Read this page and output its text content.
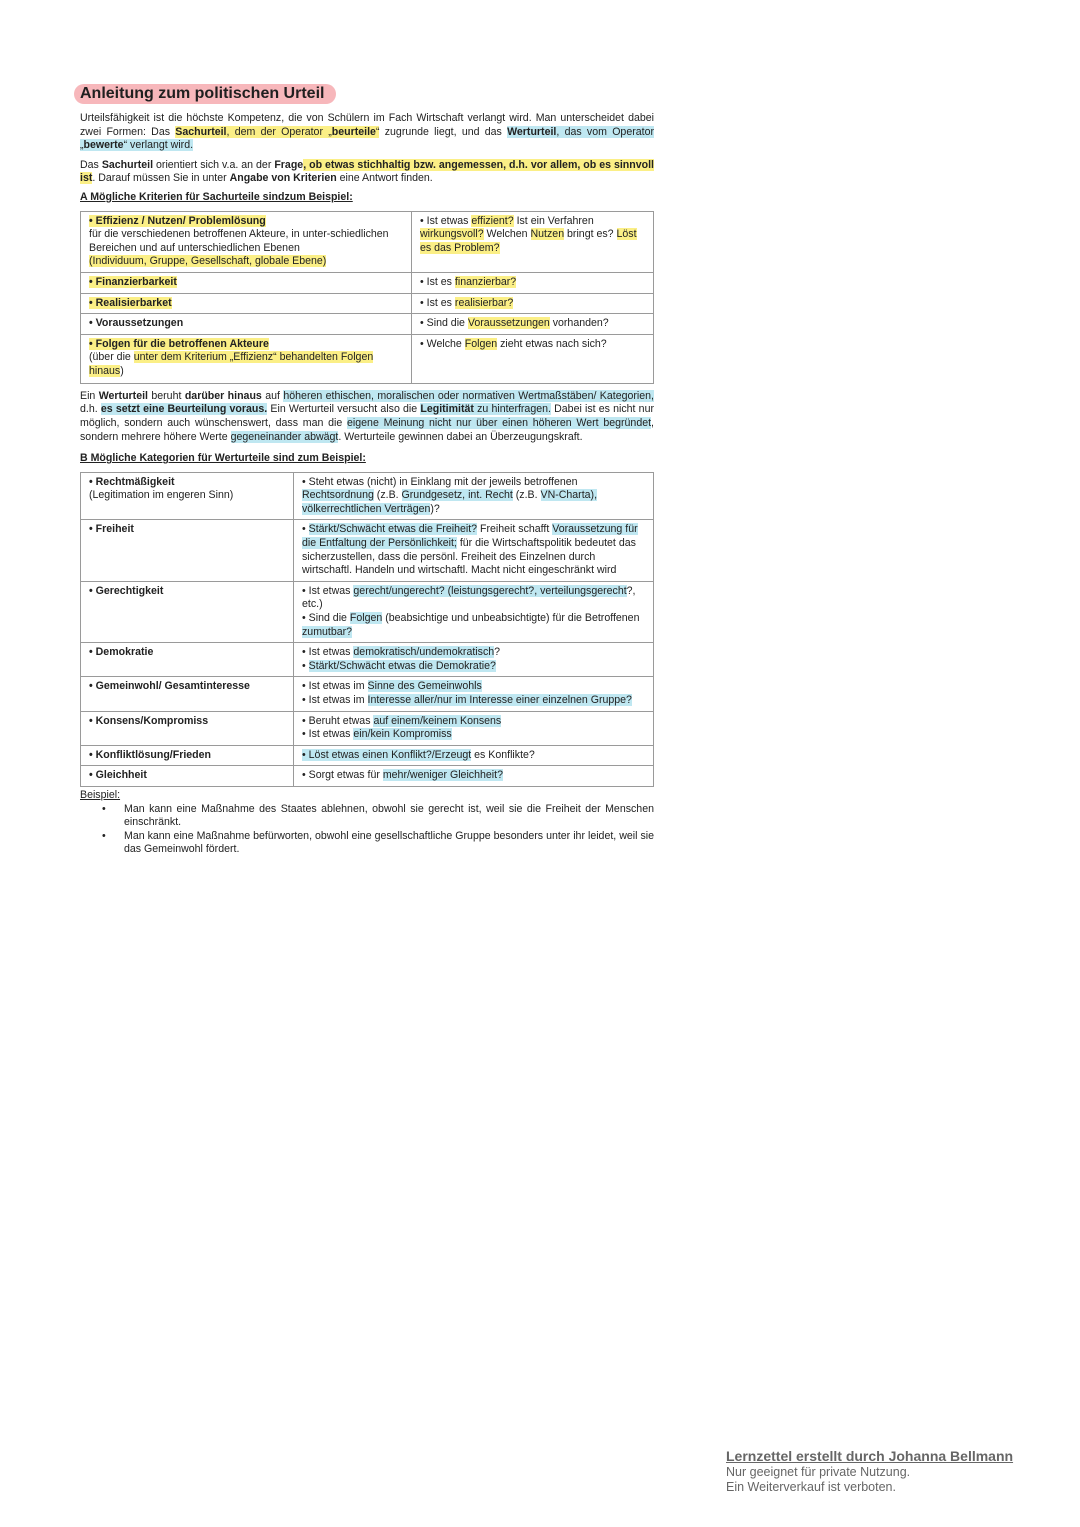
Anleitung zum politischen Urteil

Urteilsfähigkeit ist die höchste Kompetenz, die von Schülern im Fach Wirtschaft verlangt wird. Man unterscheidet dabei zwei Formen: Das Sachurteil, dem der Operator „beurteile“ zugrunde liegt, und das Werturteil, das vom Operator „bewerte“ verlangt wird.

Das Sachurteil orientiert sich v.a. an der Frage, ob etwas stichhaltig bzw. angemessen, d.h. vor allem, ob es sinnvoll ist. Darauf müssen Sie in unter Angabe von Kriterien eine Antwort finden.

A Mögliche Kriterien für Sachurteile sindzum Beispiel:
• Effizienz / Nutzen/ Problemlösung
für die verschiedenen betroffenen Akteure, in unter-schiedlichen Bereichen und auf unterschiedlichen Ebenen
(Individuum, Gruppe, Gesellschaft, globale Ebene)	• Ist etwas effizient? Ist ein Verfahren wirkungsvoll? Welchen Nutzen bringt es? Löst es das Problem?
• Finanzierbarkeit	• Ist es finanzierbar?
• Realisierbarket	• Ist es realisierbar?
• Voraussetzungen	• Sind die Voraussetzungen vorhanden?
• Folgen für die betroffenen Akteure
(über die unter dem Kriterium „Effizienz“ behandelten Folgen hinaus)	• Welche Folgen zieht etwas nach sich?

Ein Werturteil beruht darüber hinaus auf höheren ethischen, moralischen oder normativen Wertmaßstäben/ Kategorien, d.h. es setzt eine Beurteilung voraus. Ein Werturteil versucht also die Legitimität zu hinterfragen. Dabei ist es nicht nur möglich, sondern auch wünschenswert, dass man die eigene Meinung nicht nur über einen höheren Wert begründet, sondern mehrere höhere Werte gegeneinander abwägt. Werturteile gewinnen dabei an Überzeugungskraft.

B Mögliche Kategorien für Werturteile sind zum Beispiel:
• Rechtmäßigkeit
(Legitimation im engeren Sinn)	• Steht etwas (nicht) in Einklang mit der jeweils betroffenen Rechtsordnung (z.B. Grundgesetz, int. Recht (z.B. VN-Charta), völkerrechtlichen Verträgen)?
• Freiheit	• Stärkt/Schwächt etwas die Freiheit? Freiheit schafft Voraussetzung für die Entfaltung der Persönlichkeit; für die Wirtschaftspolitik bedeutet das sicherzustellen, dass die persönl. Freiheit des Einzelnen durch wirtschaftl. Handeln und wirtschaftl. Macht nicht eingeschränkt wird
• Gerechtigkeit	• Ist etwas gerecht/ungerecht? (leistungsgerecht?, verteilungsgerecht?, etc.)
• Sind die Folgen (beabsichtige und unbeabsichtigte) für die Betroffenen zumutbar?
• Demokratie	• Ist etwas demokratisch/undemokratisch?
• Stärkt/Schwächt etwas die Demokratie?
• Gemeinwohl/ Gesamtinteresse	• Ist etwas im Sinne des Gemeinwohls
• Ist etwas im Interesse aller/nur im Interesse einer einzelnen Gruppe?
• Konsens/Kompromiss	• Beruht etwas auf einem/keinem Konsens
• Ist etwas ein/kein Kompromiss
• Konfliktlösung/Frieden	• Löst etwas einen Konflikt?/Erzeugt es Konflikte?
• Gleichheit	• Sorgt etwas für mehr/weniger Gleichheit?
Beispiel:
• Man kann eine Maßnahme des Staates ablehnen, obwohl sie gerecht ist, weil sie die Freiheit der Menschen einschränkt.
• Man kann eine Maßnahme befürworten, obwohl eine gesellschaftliche Gruppe besonders unter ihr leidet, weil sie das Gemeinwohl fördert.
Lernzettel erstellt durch Johanna Bellmann
Nur geeignet für private Nutzung.
Ein Weiterverkauf ist verboten.
